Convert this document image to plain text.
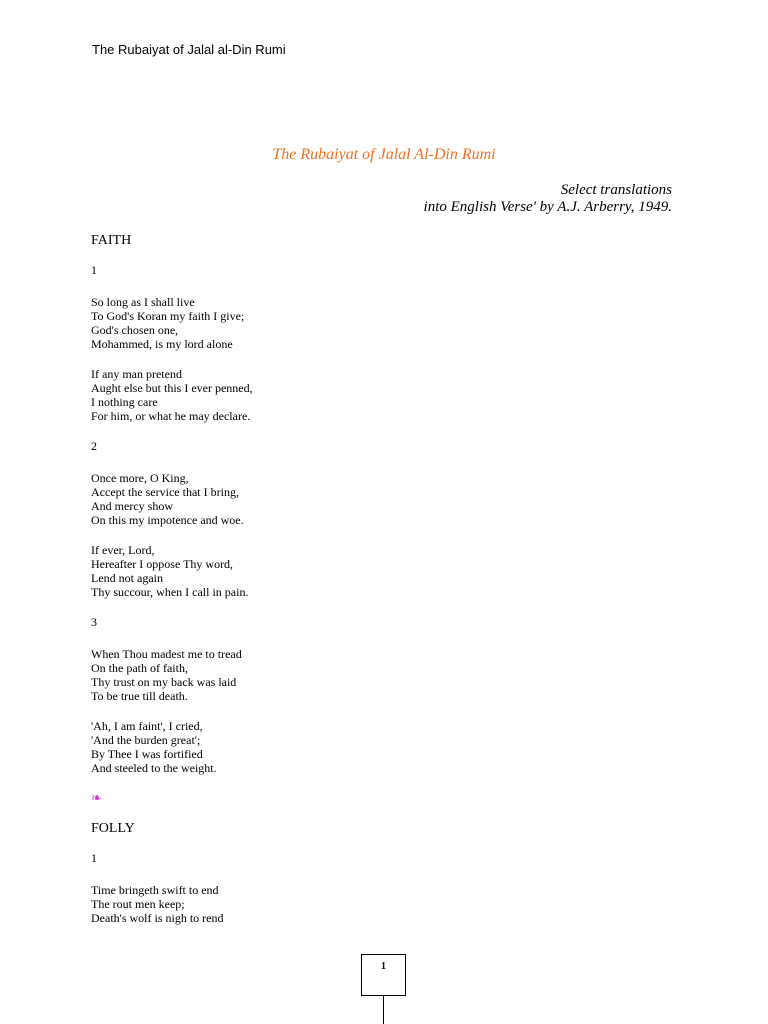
The Rubaiyat of Jalal al-Din Rumi
The Rubaiyat of Jalal Al-Din Rumi
Select translations
into English Verse' by A.J. Arberry, 1949.
FAITH
1
So long as I shall live
To God's Koran my faith I give;
God's chosen one,
Mohammed, is my lord alone
If any man pretend
Aught else but this I ever penned,
I nothing care
For him, or what he may declare.
2
Once more, O King,
Accept the service that I bring,
And mercy show
On this my impotence and woe.
If ever, Lord,
Hereafter I oppose Thy word,
Lend not again
Thy succour, when I call in pain.
3
When Thou madest me to tread
On the path of faith,
Thy trust on my back was laid
To be true till death.
'Ah, I am faint', I cried,
'And the burden great';
By Thee I was fortified
And steeled to the weight.
❧
FOLLY
1
Time bringeth swift to end
The rout men keep;
Death's wolf is nigh to rend
1
